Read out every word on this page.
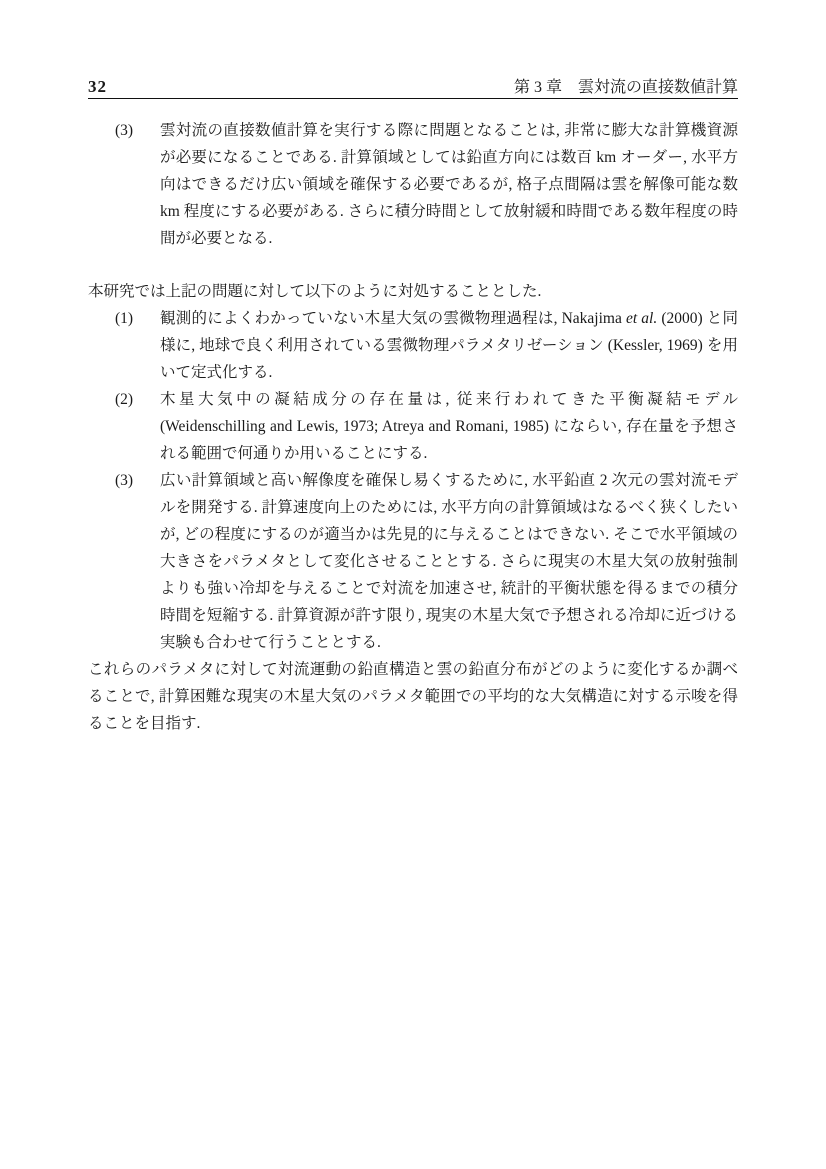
32	第 3 章　雲対流の直接数値計算
(3)	雲対流の直接数値計算を実行する際に問題となることは, 非常に膨大な計算機資源が必要になることである. 計算領域としては鉛直方向には数百 km オーダー, 水平方向はできるだけ広い領域を確保する必要であるが, 格子点間隔は雲を解像可能な数 km 程度にする必要がある. さらに積分時間として放射緩和時間である数年程度の時間が必要となる.

本研究では上記の問題に対して以下のように対処することとした.

(1)	観測的によくわかっていない木星大気の雲微物理過程は, Nakajima et al. (2000) と同様に, 地球で良く利用されている雲微物理パラメタリゼーション (Kessler, 1969) を用いて定式化する.
(2)	木星大気中の凝結成分の存在量は, 従来行われてきた平衡凝結モデル (Weidenschilling and Lewis, 1973; Atreya and Romani, 1985) にならい, 存在量を予想される範囲で何通りか用いることにする.
(3)	広い計算領域と高い解像度を確保し易くするために, 水平鉛直 2 次元の雲対流モデルを開発する. 計算速度向上のためには, 水平方向の計算領域はなるべく狭くしたいが, どの程度にするのが適当かは先見的に与えることはできない. そこで水平領域の大きさをパラメタとして変化させることとする. さらに現実の木星大気の放射強制よりも強い冷却を与えることで対流を加速させ, 統計的平衡状態を得るまでの積分時間を短縮する. 計算資源が許す限り, 現実の木星大気で予想される冷却に近づける実験も合わせて行うこととする.

これらのパラメタに対して対流運動の鉛直構造と雲の鉛直分布がどのように変化するか調べることで, 計算困難な現実の木星大気のパラメタ範囲での平均的な大気構造に対する示唆を得ることを目指す.
